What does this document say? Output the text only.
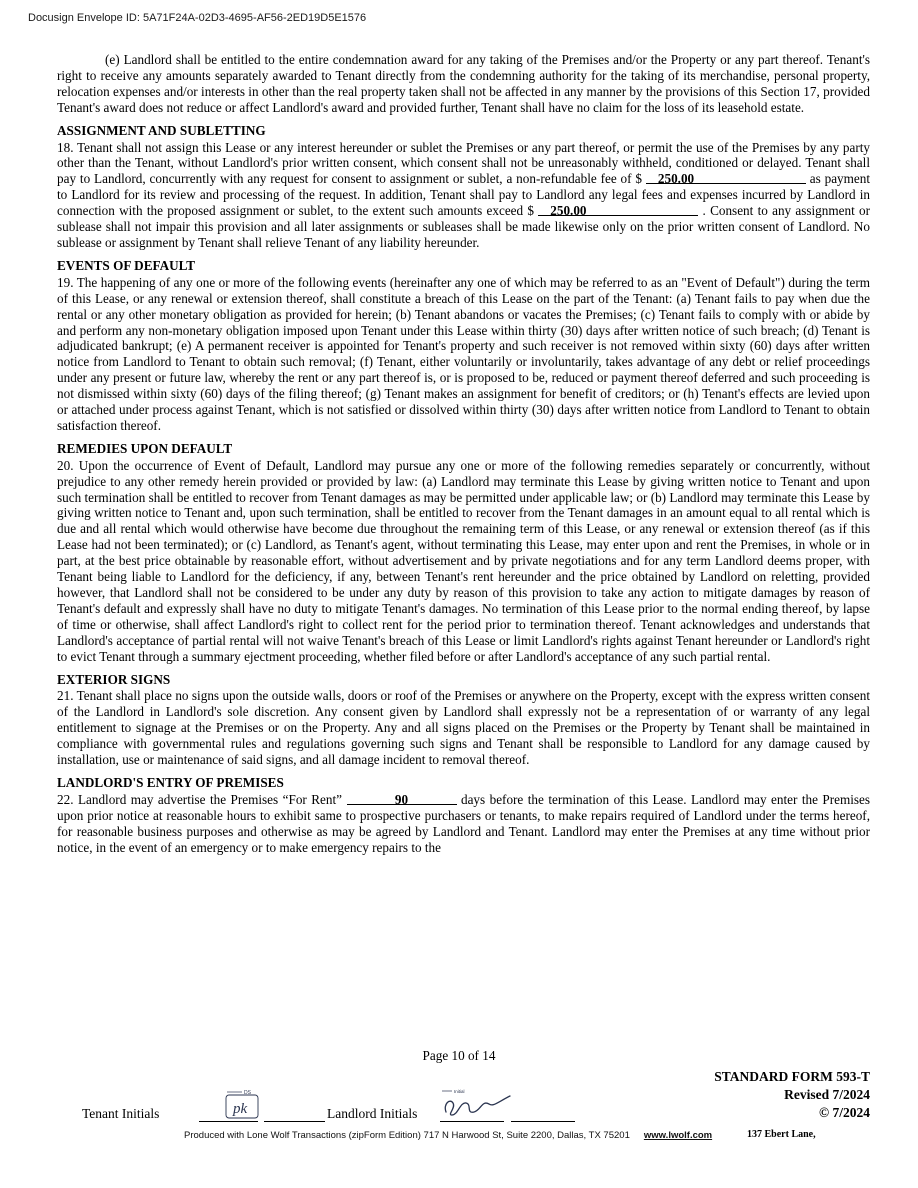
Docusign Envelope ID: 5A71F24A-02D3-4695-AF56-2ED19D5E1576

(e) Landlord shall be entitled to the entire condemnation award for any taking of the Premises and/or the Property or any part thereof. Tenant's right to receive any amounts separately awarded to Tenant directly from the condemning authority for the taking of its merchandise, personal property, relocation expenses and/or interests in other than the real property taken shall not be affected in any manner by the provisions of this Section 17, provided Tenant's award does not reduce or affect Landlord's award and provided further, Tenant shall have no claim for the loss of its leasehold estate.

ASSIGNMENT AND SUBLETTING

18. Tenant shall not assign this Lease or any interest hereunder or sublet the Premises or any part thereof, or permit the use of the Premises by any party other than the Tenant, without Landlord's prior written consent, which consent shall not be unreasonably withheld, conditioned or delayed. Tenant shall pay to Landlord, concurrently with any request for consent to assignment or sublet, a non-refundable fee of $ 250.00	as payment to Landlord for its review and processing of the request. In addition, Tenant shall pay to Landlord any legal fees and expenses incurred by Landlord in connection with the proposed assignment or sublet, to the extent such amounts exceed $ 250.00	. Consent to any assignment or sublease shall not impair this provision and all later assignments or subleases shall be made likewise only on the prior written consent of Landlord. No sublease or assignment by Tenant shall relieve Tenant of any liability hereunder.

EVENTS OF DEFAULT

19. The happening of any one or more of the following events (hereinafter any one of which may be referred to as an "Event of Default") during the term of this Lease, or any renewal or extension thereof, shall constitute a breach of this Lease on the part of the Tenant: (a) Tenant fails to pay when due the rental or any other monetary obligation as provided for herein; (b) Tenant abandons or vacates the Premises; (c) Tenant fails to comply with or abide by and perform any non-monetary obligation imposed upon Tenant under this Lease within thirty (30) days after written notice of such breach; (d) Tenant is adjudicated bankrupt; (e) A permanent receiver is appointed for Tenant's property and such receiver is not removed within sixty (60) days after written notice from Landlord to Tenant to obtain such removal; (f) Tenant, either voluntarily or involuntarily, takes advantage of any debt or relief proceedings under any present or future law, whereby the rent or any part thereof is, or is proposed to be, reduced or payment thereof deferred and such proceeding is not dismissed within sixty (60) days of the filing thereof; (g) Tenant makes an assignment for benefit of creditors; or (h) Tenant's effects are levied upon or attached under process against Tenant, which is not satisfied or dissolved within thirty (30) days after written notice from Landlord to Tenant to obtain satisfaction thereof.

REMEDIES UPON DEFAULT

20. Upon the occurrence of Event of Default, Landlord may pursue any one or more of the following remedies separately or concurrently, without prejudice to any other remedy herein provided or provided by law: (a) Landlord may terminate this Lease by giving written notice to Tenant and upon such termination shall be entitled to recover from Tenant damages as may be permitted under applicable law; or (b) Landlord may terminate this Lease by giving written notice to Tenant and, upon such termination, shall be entitled to recover from the Tenant damages in an amount equal to all rental which is due and all rental which would otherwise have become due throughout the remaining term of this Lease, or any renewal or extension thereof (as if this Lease had not been terminated); or (c) Landlord, as Tenant's agent, without terminating this Lease, may enter upon and rent the Premises, in whole or in part, at the best price obtainable by reasonable effort, without advertisement and by private negotiations and for any term Landlord deems proper, with Tenant being liable to Landlord for the deficiency, if any, between Tenant's rent hereunder and the price obtained by Landlord on reletting, provided however, that Landlord shall not be considered to be under any duty by reason of this provision to take any action to mitigate damages by reason of Tenant's default and expressly shall have no duty to mitigate Tenant's damages. No termination of this Lease prior to the normal ending thereof, by lapse of time or otherwise, shall affect Landlord's right to collect rent for the period prior to termination thereof. Tenant acknowledges and understands that Landlord's acceptance of partial rental will not waive Tenant's breach of this Lease or limit Landlord's rights against Tenant hereunder or Landlord's right to evict Tenant through a summary ejectment proceeding, whether filed before or after Landlord's acceptance of any such partial rental.

EXTERIOR SIGNS

21. Tenant shall place no signs upon the outside walls, doors or roof of the Premises or anywhere on the Property, except with the express written consent of the Landlord in Landlord's sole discretion. Any consent given by Landlord shall expressly not be a representation of or warranty of any legal entitlement to signage at the Premises or on the Property. Any and all signs placed on the Premises or the Property by Tenant shall be maintained in compliance with governmental rules and regulations governing such signs and Tenant shall be responsible to Landlord for any damage caused by installation, use or maintenance of said signs, and all damage incident to removal thereof.

LANDLORD'S ENTRY OF PREMISES

22. Landlord may advertise the Premises “For Rent”	90	days before the termination of this Lease. Landlord may enter the Premises upon prior notice at reasonable hours to exhibit same to prospective purchasers or tenants, to make repairs required of Landlord under the terms hereof, for reasonable business purposes and otherwise as may be agreed by Landlord and Tenant. Landlord may enter the Premises at any time without prior notice, in the event of an emergency or to make emergency repairs to the

Page 10 of 14
STANDARD FORM 593-T
Revised 7/2024
© 7/2024
Tenant Initials	Landlord Initials
DS
pk
Initial
Produced with Lone Wolf Transactions (zipForm Edition) 717 N Harwood St, Suite 2200, Dallas, TX 75201 www.lwolf.com	137 Ebert Lane,
